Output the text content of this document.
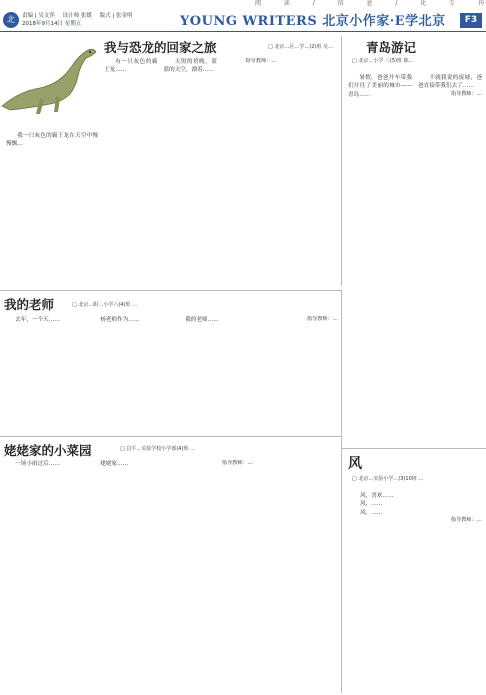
阅	读	/	信	息	/	化	专	刊
北	责编 | 吴文萍 设计师 张媛 版式 | 张金明
2018年9月14日 星期五	YOUNG WRITERS 北京小作家·E学北京	F3
我与恐龙的回家之旅	□ 北京…区…学…(2)班 吴…

我一只灰色的霸王龙在天空中慢慢飘…

有一只灰色的霸王龙……

天黑的傍晚，蓝蓝的天空，漂着……

指导教师：…

青岛游记
□ 北京…小学 三(5)班 陈…

暑假，爸爸开车带我们开往了美丽的城市——青岛……

不就我说的废墟，爸爸直接带我们去了……

指导教师：…

我的老师	□ 北京…附…小学六(4)班 …

去年，一个天……	杨老师作为……	我的老师……	指导教师：…

姥姥家的小菜园	□ 昌平…实验学校小学部(4)班 …

一场小雨过后……	姥姥家……	指导教师：…	风
□ 北京…实验小学…(3)10班 …

风，喜欢……

风，……

风，……

指导教师：…
